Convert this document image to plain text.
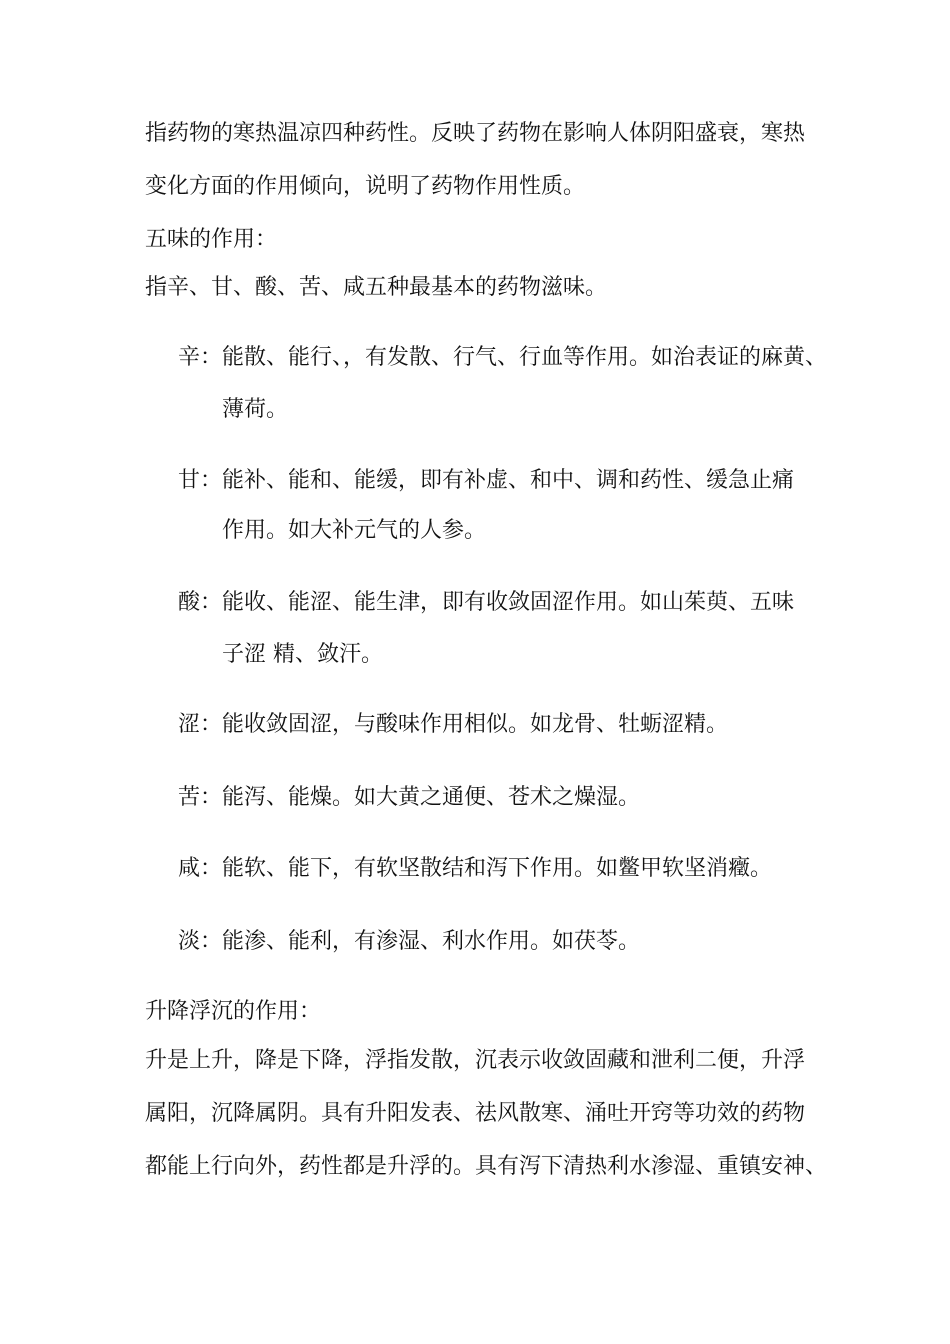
指药物的寒热温凉四种药性。反映了药物在影响人体阴阳盛衰，寒热
变化方面的作用倾向，说明了药物作用性质。
五味的作用：
指辛、甘、酸、苦、咸五种最基本的药物滋味。
辛：能散、能行、，有发散、行气、行血等作用。如治表证的麻黄、
薄荷。
甘：能补、能和、能缓，即有补虚、和中、调和药性、缓急止痛
作用。如大补元气的人参。
酸：能收、能涩、能生津，即有收敛固涩作用。如山茱萸、五味
子涩 精、敛汗。
涩：能收敛固涩，与酸味作用相似。如龙骨、牡蛎涩精。
苦：能泻、能燥。如大黄之通便、苍术之燥湿。
咸：能软、能下，有软坚散结和泻下作用。如鳖甲软坚消癥。
淡：能渗、能利，有渗湿、利水作用。如茯苓。
升降浮沉的作用：
升是上升，降是下降，浮指发散，沉表示收敛固藏和泄利二便，升浮
属阳，沉降属阴。具有升阳发表、祛风散寒、涌吐开窍等功效的药物
都能上行向外，药性都是升浮的。具有泻下清热利水渗湿、重镇安神、
